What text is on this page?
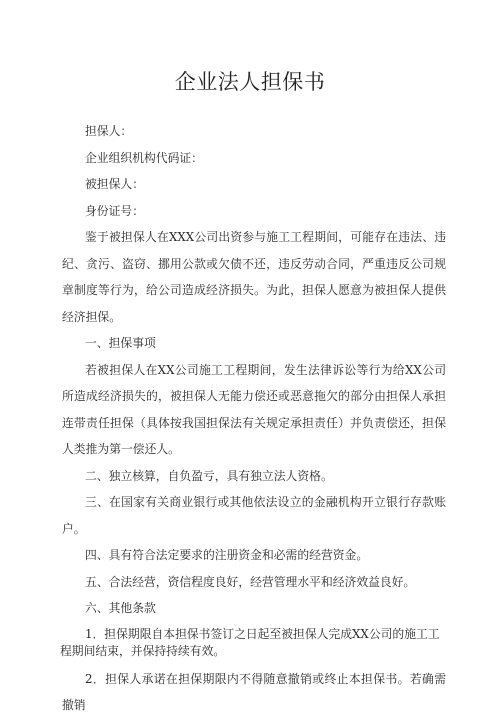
企业法人担保书

担保人：

企业组织机构代码证：

被担保人：

身份证号：

鉴于被担保人在XXX公司出资参与施工工程期间，可能存在违法、违纪、贪污、盗窃、挪用公款或欠债不还，违反劳动合同，严重违反公司规章制度等行为，给公司造成经济损失。为此，担保人愿意为被担保人提供经济担保。

一、担保事项

若被担保人在XX公司施工工程期间，发生法律诉讼等行为给XX公司所造成经济损失的，被担保人无能力偿还或恶意拖欠的部分由担保人承担连带责任担保（具体按我国担保法有关规定承担责任）并负责偿还，担保人类推为第一偿还人。

二、独立核算，自负盈亏，具有独立法人资格。

三、在国家有关商业银行或其他依法设立的金融机构开立银行存款账户。

四、具有符合法定要求的注册资金和必需的经营资金。

五、合法经营，资信程度良好，经营管理水平和经济效益良好。

六、其他条款

1．担保期限自本担保书签订之日起至被担保人完成XX公司的施工工

程期间结束，并保持持续有效。

2．担保人承诺在担保期限内不得随意撤销或终止本担保书。若确需撤销
